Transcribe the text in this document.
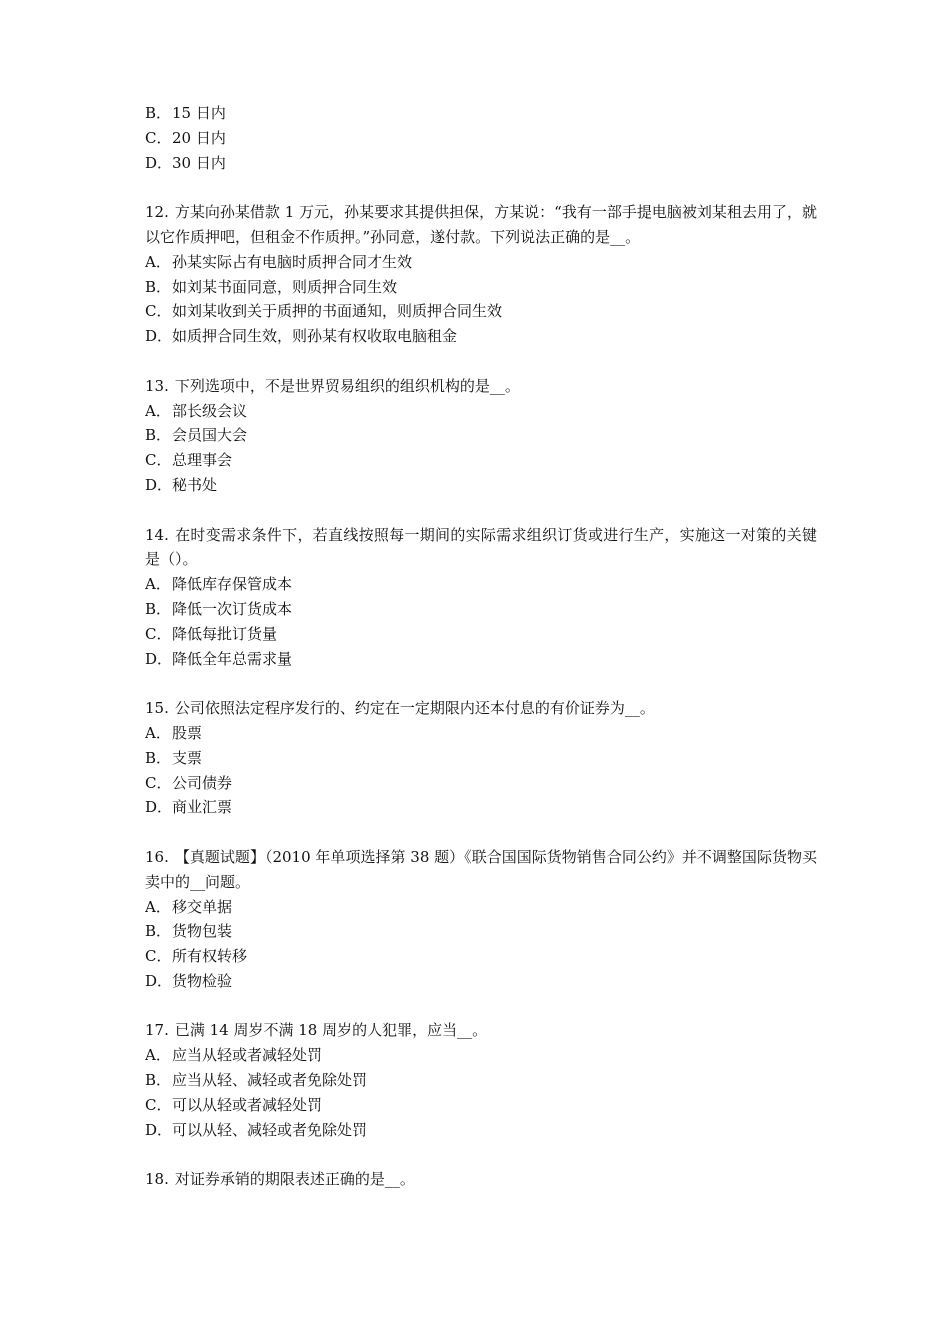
B．15 日内
C．20 日内
D．30 日内
12. 方某向孙某借款 1 万元，孙某要求其提供担保，方某说：“我有一部手提电脑被刘某租去用了，就以它作质押吧，但租金不作质押。”孙同意，遂付款。下列说法正确的是__。
A．孙某实际占有电脑时质押合同才生效
B．如刘某书面同意，则质押合同生效
C．如刘某收到关于质押的书面通知，则质押合同生效
D．如质押合同生效，则孙某有权收取电脑租金
13. 下列选项中，不是世界贸易组织的组织机构的是__。
A．部长级会议
B．会员国大会
C．总理事会
D．秘书处
14. 在时变需求条件下，若直线按照每一期间的实际需求组织订货或进行生产，实施这一对策的关键是（）。
A．降低库存保管成本
B．降低一次订货成本
C．降低每批订货量
D．降低全年总需求量
15. 公司依照法定程序发行的、约定在一定期限内还本付息的有价证券为__。
A．股票
B．支票
C．公司债券
D．商业汇票
16. 【真题试题】（2010 年单项选择第 38 题）《联合国国际货物销售合同公约》并不调整国际货物买卖中的__问题。
A．移交单据
B．货物包装
C．所有权转移
D．货物检验
17. 已满 14 周岁不满 18 周岁的人犯罪，应当__。
A．应当从轻或者减轻处罚
B．应当从轻、减轻或者免除处罚
C．可以从轻或者减轻处罚
D．可以从轻、减轻或者免除处罚
18. 对证券承销的期限表述正确的是__。
